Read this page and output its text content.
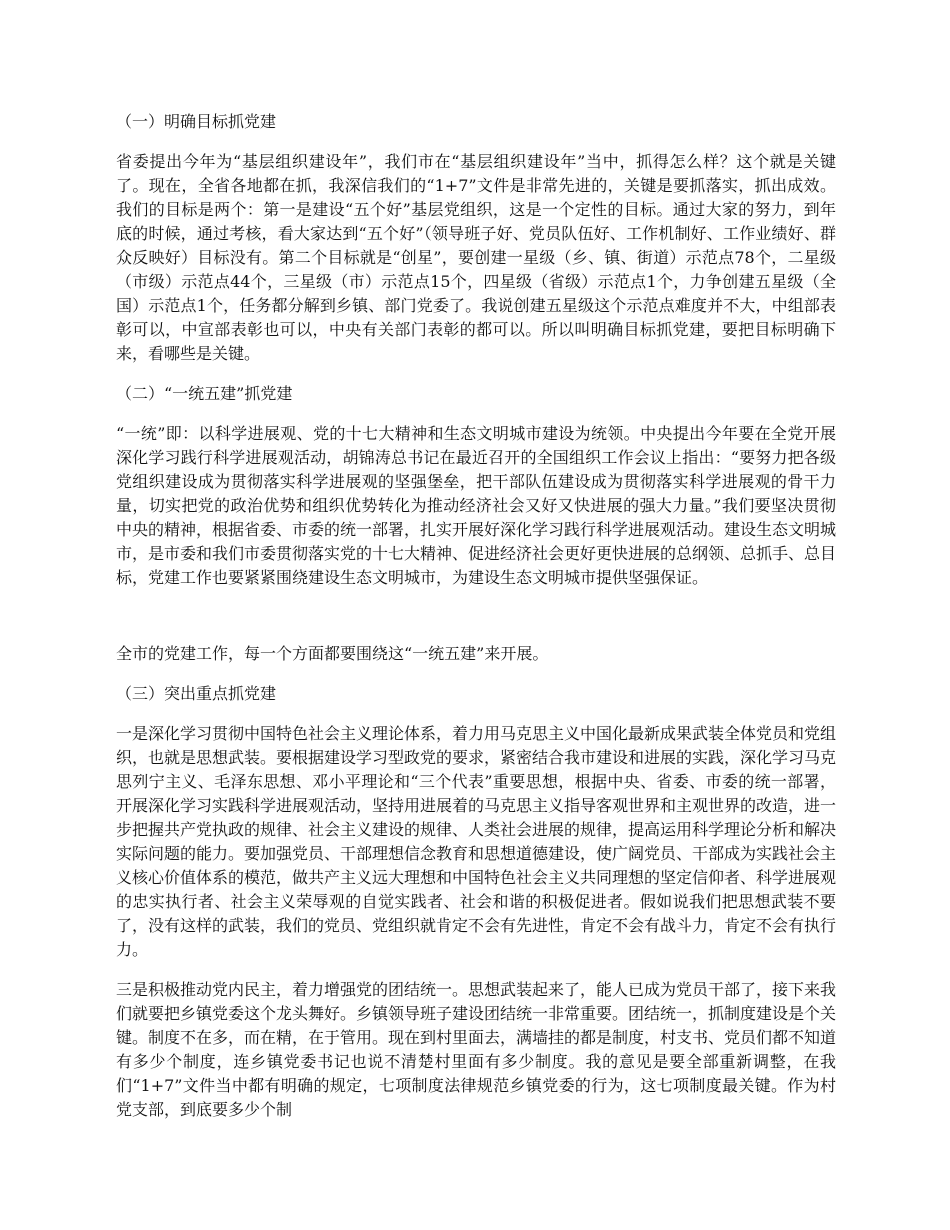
（一）明确目标抓党建
省委提出今年为“基层组织建设年”，我们市在“基层组织建设年”当中，抓得怎么样？这个就是关键了。现在，全省各地都在抓，我深信我们的“1+7”文件是非常先进的，关键是要抓落实，抓出成效。我们的目标是两个：第一是建设“五个好”基层党组织，这是一个定性的目标。通过大家的努力，到年底的时候，通过考核，看大家达到“五个好”（领导班子好、党员队伍好、工作机制好、工作业绩好、群众反映好）目标没有。第二个目标就是“创星”，要创建一星级（乡、镇、街道）示范点78个，二星级（市级）示范点44个，三星级（市）示范点15个，四星级（省级）示范点1个，力争创建五星级（全国）示范点1个，任务都分解到乡镇、部门党委了。我说创建五星级这个示范点难度并不大，中组部表彰可以，中宣部表彰也可以，中央有关部门表彰的都可以。所以叫明确目标抓党建，要把目标明确下来，看哪些是关键。
（二）“一统五建”抓党建
“一统”即：以科学进展观、党的十七大精神和生态文明城市建设为统领。中央提出今年要在全党开展深化学习践行科学进展观活动，胡锦涛总书记在最近召开的全国组织工作会议上指出：“要努力把各级党组织建设成为贯彻落实科学进展观的坚强堡垒，把干部队伍建设成为贯彻落实科学进展观的骨干力量，切实把党的政治优势和组织优势转化为推动经济社会又好又快进展的强大力量。”我们要坚决贯彻中央的精神，根据省委、市委的统一部署，扎实开展好深化学习践行科学进展观活动。建设生态文明城市，是市委和我们市委贯彻落实党的十七大精神、促进经济社会更好更快进展的总纲领、总抓手、总目标，党建工作也要紧紧围绕建设生态文明城市，为建设生态文明城市提供坚强保证。
全市的党建工作，每一个方面都要围绕这“一统五建”来开展。
（三）突出重点抓党建
一是深化学习贯彻中国特色社会主义理论体系，着力用马克思主义中国化最新成果武装全体党员和党组织，也就是思想武装。要根据建设学习型政党的要求，紧密结合我市建设和进展的实践，深化学习马克思列宁主义、毛泽东思想、邓小平理论和“三个代表”重要思想，根据中央、省委、市委的统一部署，开展深化学习实践科学进展观活动，坚持用进展着的马克思主义指导客观世界和主观世界的改造，进一步把握共产党执政的规律、社会主义建设的规律、人类社会进展的规律，提高运用科学理论分析和解决实际问题的能力。要加强党员、干部理想信念教育和思想道德建设，使广阔党员、干部成为实践社会主义核心价值体系的模范，做共产主义远大理想和中国特色社会主义共同理想的坚定信仰者、科学进展观的忠实执行者、社会主义荣辱观的自觉实践者、社会和谐的积极促进者。假如说我们把思想武装不要了，没有这样的武装，我们的党员、党组织就肯定不会有先进性，肯定不会有战斗力，肯定不会有执行力。
三是积极推动党内民主，着力增强党的团结统一。思想武装起来了，能人已成为党员干部了，接下来我们就要把乡镇党委这个龙头舞好。乡镇领导班子建设团结统一非常重要。团结统一，抓制度建设是个关键。制度不在多，而在精，在于管用。现在到村里面去，满墙挂的都是制度，村支书、党员们都不知道有多少个制度，连乡镇党委书记也说不清楚村里面有多少制度。我的意见是要全部重新调整，在我们“1+7”文件当中都有明确的规定，七项制度法律规范乡镇党委的行为，这七项制度最关键。作为村党支部，到底要多少个制
